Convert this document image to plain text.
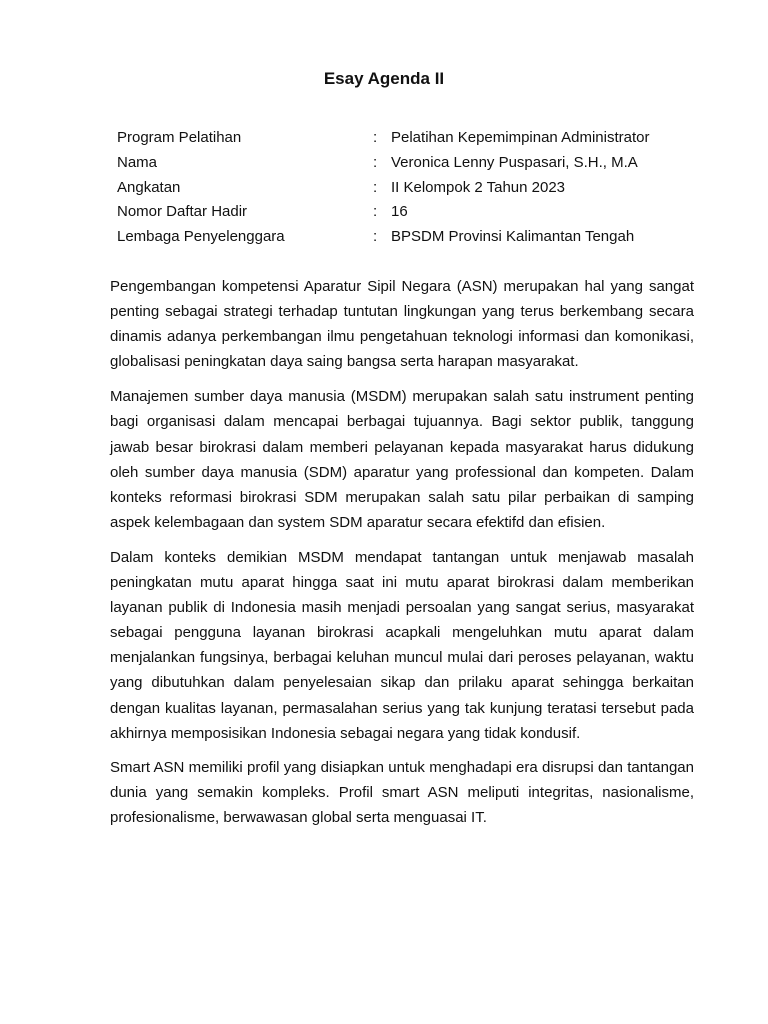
Esay Agenda II
Program Pelatihan	:	Pelatihan Kepemimpinan Administrator
Nama	:	Veronica Lenny Puspasari, S.H., M.A
Angkatan	:	II Kelompok 2 Tahun 2023
Nomor Daftar Hadir	:	16
Lembaga Penyelenggara	:	BPSDM Provinsi Kalimantan Tengah

Pengembangan kompetensi Aparatur Sipil Negara (ASN) merupakan hal yang sangat penting sebagai strategi terhadap tuntutan lingkungan yang terus berkembang secara dinamis adanya perkembangan ilmu pengetahuan teknologi informasi dan komonikasi, globalisasi peningkatan daya saing bangsa serta harapan masyarakat.

Manajemen sumber daya manusia (MSDM) merupakan salah satu instrument penting bagi organisasi dalam mencapai berbagai tujuannya. Bagi sektor publik, tanggung jawab besar birokrasi dalam memberi pelayanan kepada masyarakat harus didukung oleh sumber daya manusia (SDM) aparatur yang professional dan kompeten. Dalam konteks reformasi birokrasi SDM merupakan salah satu pilar perbaikan di samping aspek kelembagaan dan system SDM aparatur secara efektifd dan efisien.

Dalam konteks demikian MSDM mendapat tantangan untuk menjawab masalah peningkatan mutu aparat hingga saat ini mutu aparat birokrasi dalam memberikan layanan publik di Indonesia masih menjadi persoalan yang sangat serius, masyarakat sebagai pengguna layanan birokrasi acapkali mengeluhkan mutu aparat dalam menjalankan fungsinya, berbagai keluhan muncul mulai dari peroses pelayanan, waktu yang dibutuhkan dalam penyelesaian sikap dan prilaku aparat sehingga berkaitan dengan kualitas layanan, permasalahan serius yang tak kunjung teratasi tersebut pada akhirnya memposisikan Indonesia sebagai negara yang tidak kondusif.

Smart ASN memiliki profil yang disiapkan untuk menghadapi era disrupsi dan tantangan dunia yang semakin kompleks. Profil smart ASN meliputi integritas, nasionalisme, profesionalisme, berwawasan global serta menguasai IT.
